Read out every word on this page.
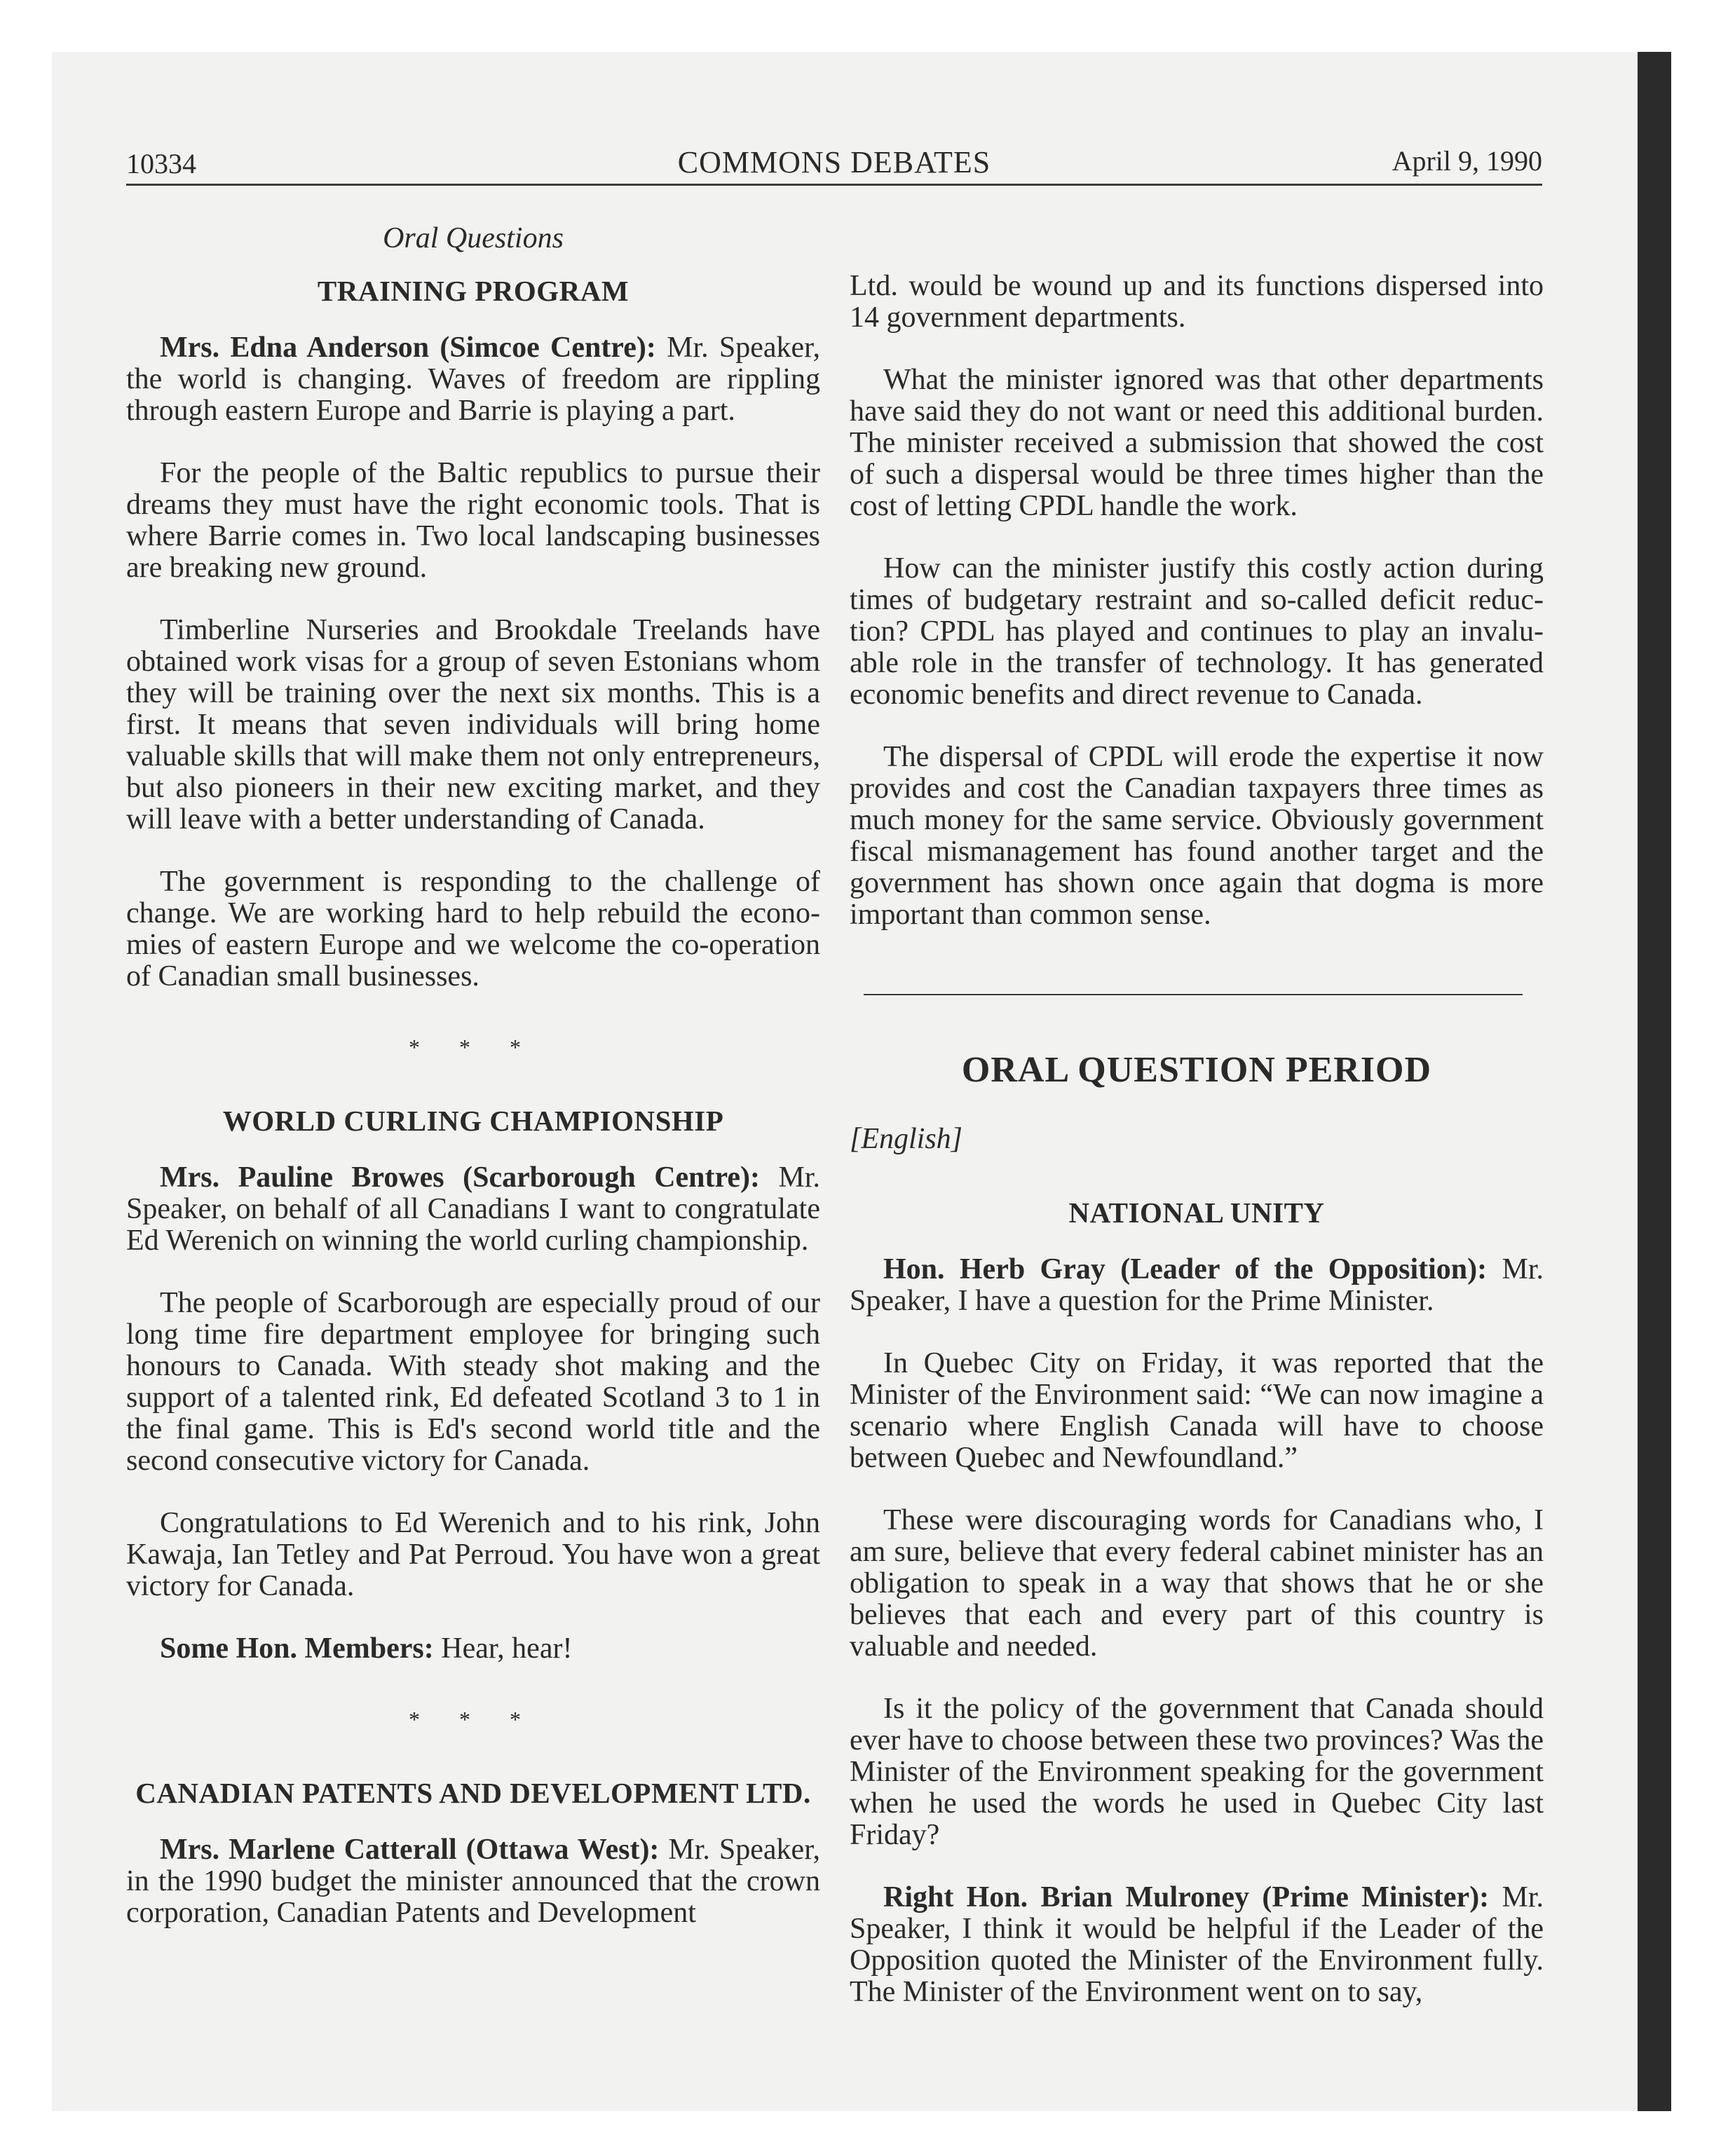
10334	COMMONS DEBATES	April 9, 1990
Oral Questions
TRAINING PROGRAM

Mrs. Edna Anderson (Simcoe Centre): Mr. Speaker, the world is changing. Waves of freedom are rippling through eastern Europe and Barrie is playing a part.

For the people of the Baltic republics to pursue their dreams they must have the right economic tools. That is where Barrie comes in. Two local landscaping businesses are breaking new ground.

Timberline Nurseries and Brookdale Treelands have obtained work visas for a group of seven Estonians whom they will be training over the next six months. This is a first. It means that seven individuals will bring home valuable skills that will make them not only entrepreneurs, but also pioneers in their new exciting market, and they will leave with a better understanding of Canada.

The government is responding to the challenge of change. We are working hard to help rebuild the economies of eastern Europe and we welcome the co-operation of Canadian small businesses.

* * *
WORLD CURLING CHAMPIONSHIP

Mrs. Pauline Browes (Scarborough Centre): Mr. Speaker, on behalf of all Canadians I want to congratulate Ed Werenich on winning the world curling championship.

The people of Scarborough are especially proud of our long time fire department employee for bringing such honours to Canada. With steady shot making and the support of a talented rink, Ed defeated Scotland 3 to 1 in the final game. This is Ed's second world title and the second consecutive victory for Canada.

Congratulations to Ed Werenich and to his rink, John Kawaja, Ian Tetley and Pat Perroud. You have won a great victory for Canada.

Some Hon. Members: Hear, hear!

* * *
CANADIAN PATENTS AND DEVELOPMENT LTD.

Mrs. Marlene Catterall (Ottawa West): Mr. Speaker, in the 1990 budget the minister announced that the crown corporation, Canadian Patents and Development

Ltd. would be wound up and its functions dispersed into 14 government departments.

What the minister ignored was that other departments have said they do not want or need this additional burden. The minister received a submission that showed the cost of such a dispersal would be three times higher than the cost of letting CPDL handle the work.

How can the minister justify this costly action during times of budgetary restraint and so-called deficit reduction? CPDL has played and continues to play an invaluable role in the transfer of technology. It has generated economic benefits and direct revenue to Canada.

The dispersal of CPDL will erode the expertise it now provides and cost the Canadian taxpayers three times as much money for the same service. Obviously government fiscal mismanagement has found another target and the government has shown once again that dogma is more important than common sense.

ORAL QUESTION PERIOD
[English]
NATIONAL UNITY

Hon. Herb Gray (Leader of the Opposition): Mr. Speaker, I have a question for the Prime Minister.

In Quebec City on Friday, it was reported that the Minister of the Environment said: “We can now imagine a scenario where English Canada will have to choose between Quebec and Newfoundland.”

These were discouraging words for Canadians who, I am sure, believe that every federal cabinet minister has an obligation to speak in a way that shows that he or she believes that each and every part of this country is valuable and needed.

Is it the policy of the government that Canada should ever have to choose between these two provinces? Was the Minister of the Environment speaking for the government when he used the words he used in Quebec City last Friday?

Right Hon. Brian Mulroney (Prime Minister): Mr. Speaker, I think it would be helpful if the Leader of the Opposition quoted the Minister of the Environment fully. The Minister of the Environment went on to say,
